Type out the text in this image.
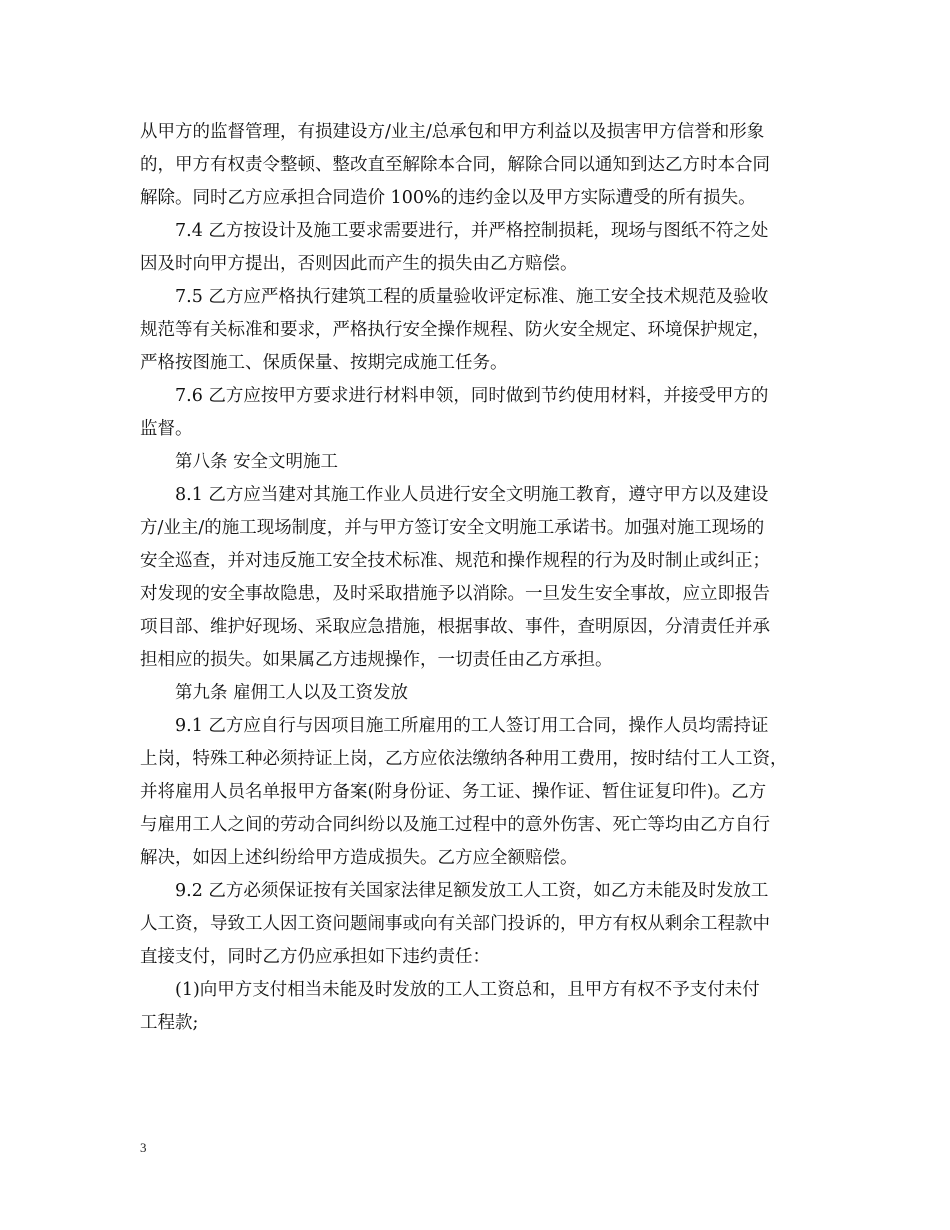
从甲方的监督管理，有损建设方/业主/总承包和甲方利益以及损害甲方信誉和形象
的，甲方有权责令整顿、整改直至解除本合同，解除合同以通知到达乙方时本合同
解除。同时乙方应承担合同造价 100%的违约金以及甲方实际遭受的所有损失。

7.4 乙方按设计及施工要求需要进行，并严格控制损耗，现场与图纸不符之处
因及时向甲方提出，否则因此而产生的损失由乙方赔偿。

7.5 乙方应严格执行建筑工程的质量验收评定标准、施工安全技术规范及验收
规范等有关标准和要求，严格执行安全操作规程、防火安全规定、环境保护规定，
严格按图施工、保质保量、按期完成施工任务。

7.6 乙方应按甲方要求进行材料申领，同时做到节约使用材料，并接受甲方的
监督。

第八条 安全文明施工

8.1 乙方应当建对其施工作业人员进行安全文明施工教育，遵守甲方以及建设
方/业主/的施工现场制度，并与甲方签订安全文明施工承诺书。加强对施工现场的
安全巡查，并对违反施工安全技术标准、规范和操作规程的行为及时制止或纠正；
对发现的安全事故隐患，及时采取措施予以消除。一旦发生安全事故，应立即报告
项目部、维护好现场、采取应急措施，根据事故、事件，查明原因，分清责任并承
担相应的损失。如果属乙方违规操作，一切责任由乙方承担。

第九条 雇佣工人以及工资发放

9.1 乙方应自行与因项目施工所雇用的工人签订用工合同，操作人员均需持证
上岗，特殊工种必须持证上岗，乙方应依法缴纳各种用工费用，按时结付工人工资，
并将雇用人员名单报甲方备案(附身份证、务工证、操作证、暂住证复印件)。乙方
与雇用工人之间的劳动合同纠纷以及施工过程中的意外伤害、死亡等均由乙方自行
解决，如因上述纠纷给甲方造成损失。乙方应全额赔偿。

9.2 乙方必须保证按有关国家法律足额发放工人工资，如乙方未能及时发放工
人工资，导致工人因工资问题闹事或向有关部门投诉的，甲方有权从剩余工程款中
直接支付，同时乙方仍应承担如下违约责任：

(1)向甲方支付相当未能及时发放的工人工资总和，且甲方有权不予支付未付
工程款;

3
